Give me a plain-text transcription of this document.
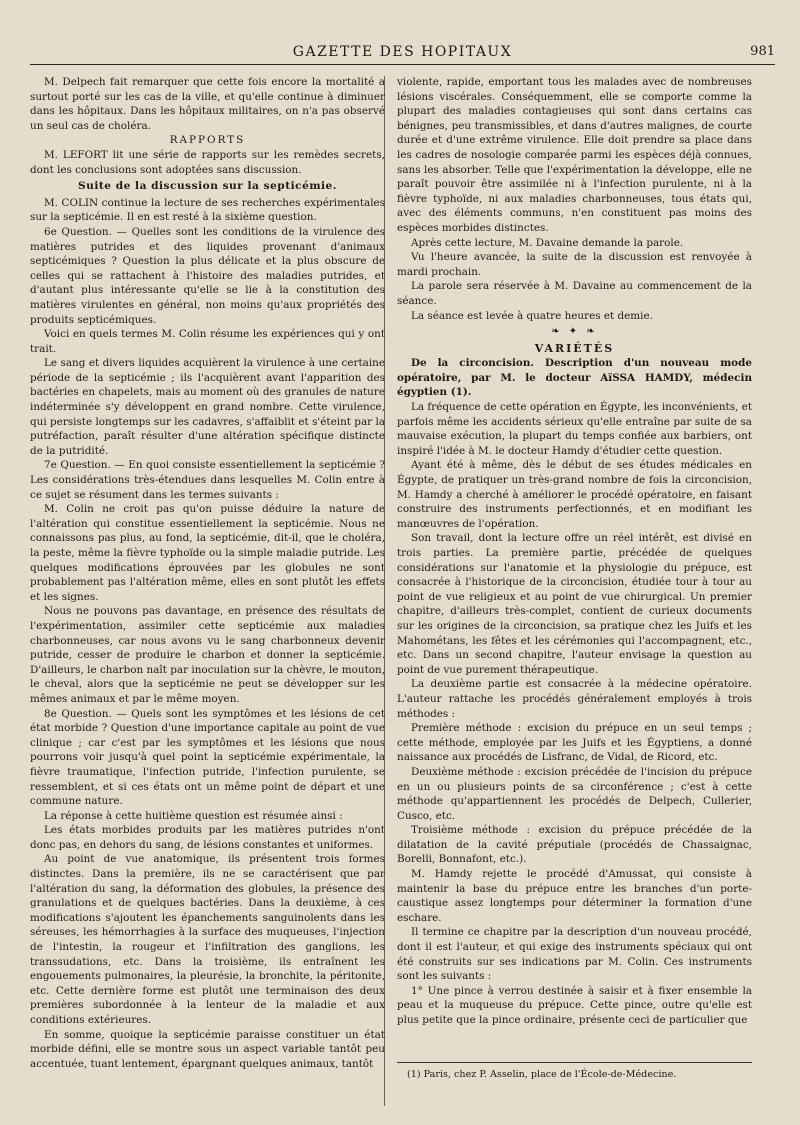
GAZETTE DES HOPITAUX	981

M. Delpech fait remarquer que cette fois encore la mortalité a surtout porté sur les cas de la ville, et qu'elle continue à diminuer dans les hôpitaux. Dans les hôpitaux militaires, on n'a pas observé un seul cas de choléra.

RAPPORTS

M. LEFORT lit une série de rapports sur les remèdes secrets, dont les conclusions sont adoptées sans discussion.

Suite de la discussion sur la septicémie.

M. COLIN continue la lecture de ses recherches expérimentales sur la septicémie. Il en est resté à la sixième question.

6e Question. — Quelles sont les conditions de la virulence des matières putrides et des liquides provenant d'animaux septicémiques ? Question la plus délicate et la plus obscure de celles qui se rattachent à l'histoire des maladies putrides, et d'autant plus intéressante qu'elle se lie à la constitution des matières virulentes en général, non moins qu'aux propriétés des produits septicémiques.

Voici en quels termes M. Colin résume les expériences qui y ont trait.

Le sang et divers liquides acquièrent la virulence à une certaine période de la septicémie ; ils l'acquièrent avant l'apparition des bactéries en chapelets, mais au moment où des granules de nature indéterminée s'y développent en grand nombre. Cette virulence, qui persiste longtemps sur les cadavres, s'affaiblit et s'éteint par la putréfaction, paraît résulter d'une altération spécifique distincte de la putridité.

7e Question. — En quoi consiste essentiellement la septicémie ? Les considérations très-étendues dans lesquelles M. Colin entre à ce sujet se résument dans les termes suivants :

M. Colin ne croit pas qu'on puisse déduire la nature de l'altération qui constitue essentiellement la septicémie. Nous ne connaissons pas plus, au fond, la septicémie, dit-il, que le choléra, la peste, même la fièvre typhoïde ou la simple maladie putride. Les quelques modifications éprouvées par les globules ne sont probablement pas l'altération même, elles en sont plutôt les effets et les signes.

Nous ne pouvons pas davantage, en présence des résultats de l'expérimentation, assimiler cette septicémie aux maladies charbonneuses, car nous avons vu le sang charbonneux devenir putride, cesser de produire le charbon et donner la septicémie. D'ailleurs, le charbon naît par inoculation sur la chèvre, le mouton, le cheval, alors que la septicémie ne peut se développer sur les mêmes animaux et par le même moyen.

8e Question. — Quels sont les symptômes et les lésions de cet état morbide ? Question d'une importance capitale au point de vue clinique ; car c'est par les symptômes et les lésions que nous pourrons voir jusqu'à quel point la septicémie expérimentale, la fièvre traumatique, l'infection putride, l'infection purulente, se ressemblent, et si ces états ont un même point de départ et une commune nature.

La réponse à cette huitième question est résumée ainsi :

Les états morbides produits par les matières putrides n'ont donc pas, en dehors du sang, de lésions constantes et uniformes.

Au point de vue anatomique, ils présentent trois formes distinctes. Dans la première, ils ne se caractérisent que par l'altération du sang, la déformation des globules, la présence des granulations et de quelques bactéries. Dans la deuxième, à ces modifications s'ajoutent les épanchements sanguinolents dans les séreuses, les hémorrhagies à la surface des muqueuses, l'injection de l'intestin, la rougeur et l'infiltration des ganglions, les transsudations, etc. Dans la troisième, ils entraînent les engouements pulmonaires, la pleurésie, la bronchite, la péritonite, etc. Cette dernière forme est plutôt une terminaison des deux premières subordonnée à la lenteur de la maladie et aux conditions extérieures.

En somme, quoique la septicémie paraisse constituer un état morbide défini, elle se montre sous un aspect variable tantôt peu accentuée, tuant lentement, épargnant quelques animaux, tantôt

violente, rapide, emportant tous les malades avec de nombreuses lésions viscérales. Conséquemment, elle se comporte comme la plupart des maladies contagieuses qui sont dans certains cas bénignes, peu transmissibles, et dans d'autres malignes, de courte durée et d'une extrême virulence. Elle doit prendre sa place dans les cadres de nosologie comparée parmi les espèces déjà connues, sans les absorber. Telle que l'expérimentation la développe, elle ne paraît pouvoir être assimilée ni à l'infection purulente, ni à la fièvre typhoïde, ni aux maladies charbonneuses, tous états qui, avec des éléments communs, n'en constituent pas moins des espèces morbides distinctes.

Après cette lecture, M. Davaine demande la parole.

Vu l'heure avancée, la suite de la discussion est renvoyée à mardi prochain.

La parole sera réservée à M. Davaine au commencement de la séance.

La séance est levée à quatre heures et demie.

❧ ✦ ❧
VARIÉTÉS

De la circoncision. Description d'un nouveau mode opératoire, par M. le docteur AïSSA HAMDY, médecin égyptien (1).

La fréquence de cette opération en Égypte, les inconvénients, et parfois même les accidents sérieux qu'elle entraîne par suite de sa mauvaise exécution, la plupart du temps confiée aux barbiers, ont inspiré l'idée à M. le docteur Hamdy d'étudier cette question.

Ayant été à même, dès le début de ses études médicales en Égypte, de pratiquer un très-grand nombre de fois la circoncision, M. Hamdy a cherché à améliorer le procédé opératoire, en faisant construire des instruments perfectionnés, et en modifiant les manœuvres de l'opération.

Son travail, dont la lecture offre un réel intérêt, est divisé en trois parties. La première partie, précédée de quelques considérations sur l'anatomie et la physiologie du prépuce, est consacrée à l'historique de la circoncision, étudiée tour à tour au point de vue religieux et au point de vue chirurgical. Un premier chapitre, d'ailleurs très-complet, contient de curieux documents sur les origines de la circoncision, sa pratique chez les Juifs et les Mahométans, les fêtes et les cérémonies qui l'accompagnent, etc., etc. Dans un second chapitre, l'auteur envisage la question au point de vue purement thérapeutique.

La deuxième partie est consacrée à la médecine opératoire. L'auteur rattache les procédés généralement employés à trois méthodes :

Première méthode : excision du prépuce en un seul temps ; cette méthode, employée par les Juifs et les Égyptiens, a donné naissance aux procédés de Lisfranc, de Vidal, de Ricord, etc.

Deuxième méthode : excision précédée de l'incision du prépuce en un ou plusieurs points de sa circonférence ; c'est à cette méthode qu'appartiennent les procédés de Delpech, Cullerier, Cusco, etc.

Troisième méthode : excision du prépuce précédée de la dilatation de la cavité préputiale (procédés de Chassaignac, Borelli, Bonnafont, etc.).

M. Hamdy rejette le procédé d'Amussat, qui consiste à maintenir la base du prépuce entre les branches d'un porte-caustique assez longtemps pour déterminer la formation d'une eschare.

Il termine ce chapitre par la description d'un nouveau procédé, dont il est l'auteur, et qui exige des instruments spéciaux qui ont été construits sur ses indications par M. Colin. Ces instruments sont les suivants :

1° Une pince à verrou destinée à saisir et à fixer ensemble la peau et la muqueuse du prépuce. Cette pince, outre qu'elle est plus petite que la pince ordinaire, présente ceci de particulier que

(1) Paris, chez P. Asselin, place de l'École-de-Médecine.
